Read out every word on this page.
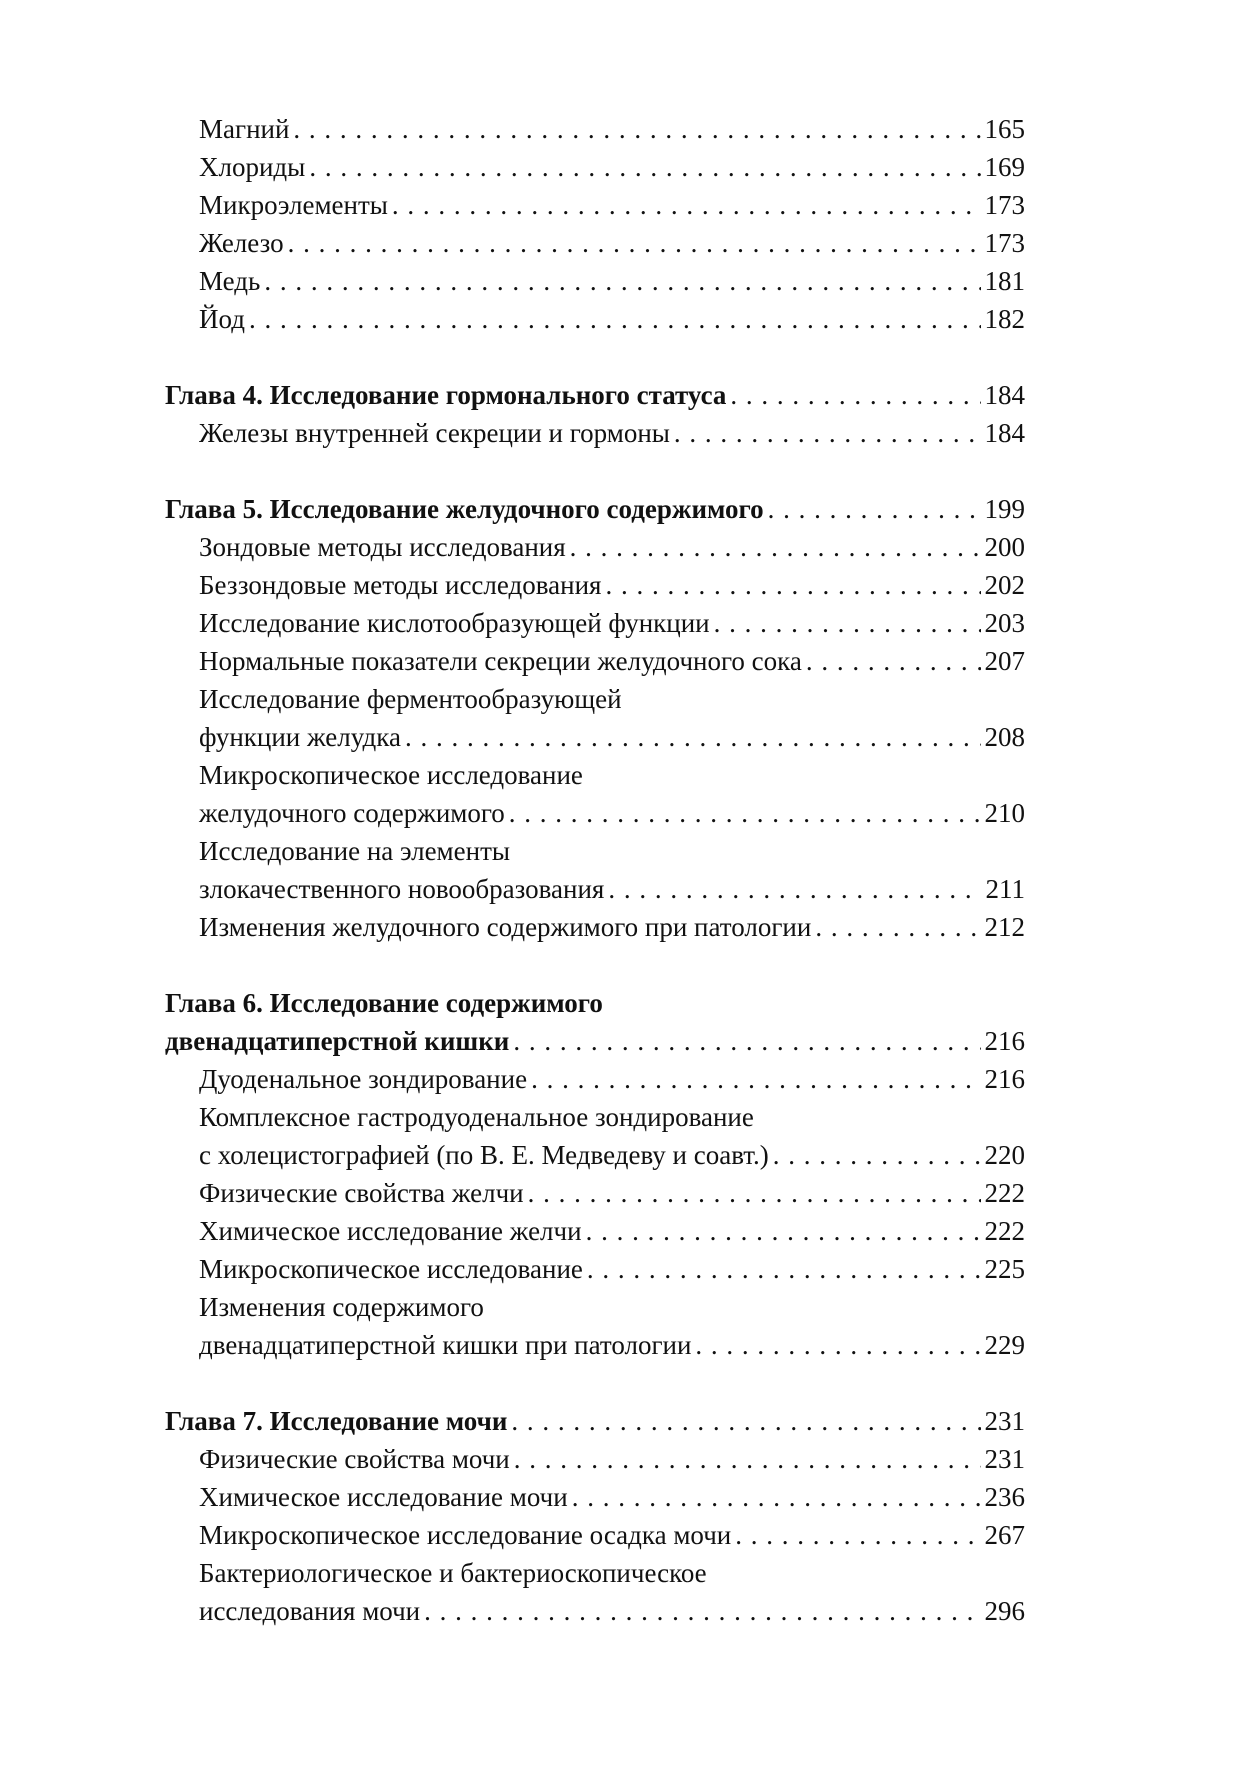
Магний . . .	165
Хлориды . . .	169
Микроэлементы . . .	173
Железо . . .	173
Медь . . .	181
Йод . . .	182
Глава 4. Исследование гормонального статуса . . .	184
Железы внутренней секреции и гормоны . . .	184
Глава 5. Исследование желудочного содержимого . . .	199
Зондовые методы исследования . . .	200
Беззондовые методы исследования . . .	202
Исследование кислотообразующей функции . . .	203
Нормальные показатели секреции желудочного сока . . .	207
Исследование ферментообразующей
функции желудка . . .	208
Микроскопическое исследование
желудочного содержимого . . .	210
Исследование на элементы
злокачественного новообразования . . .	211
Изменения желудочного содержимого при патологии . . .	212
Глава 6. Исследование содержимого
двенадцатиперстной кишки . . .	216
Дуоденальное зондирование . . .	216
Комплексное гастродуоденальное зондирование
с холецистографией (по В. Е. Медведеву и соавт.) . . .	220
Физические свойства желчи . . .	222
Химическое исследование желчи . . .	222
Микроскопическое исследование . . .	225
Изменения содержимого
двенадцатиперстной кишки при патологии . . .	229
Глава 7. Исследование мочи . . .	231
Физические свойства мочи . . .	231
Химическое исследование мочи . . .	236
Микроскопическое исследование осадка мочи . . .	267
Бактериологическое и бактериоскопическое
исследования мочи . . .	296
